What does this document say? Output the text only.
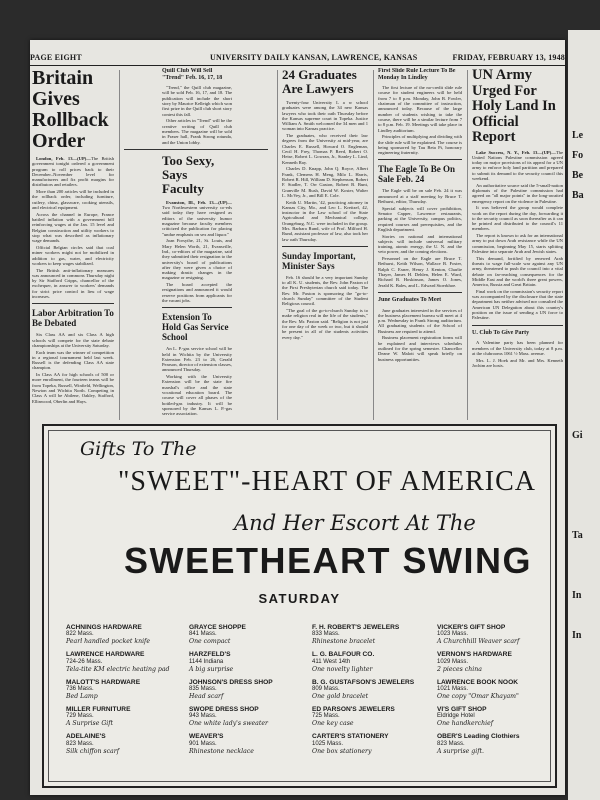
PAGE EIGHT	UNIVERSITY DAILY KANSAN, LAWRENCE, KANSAS	FRIDAY, FEBRUARY 13, 1948

Britain Gives Rollback Order

London, Feb. 13—(UP)—The British government tonight ordered a government program to roll prices back to their December–November level for manufacturers and fix profit margins for distributors and retailers.

More than 200 articles will be included in the rollback order, including furniture, cutlery, china, glassware, cooking utensils, and electrical equipment.

Across the channel in Europe, France battled inflation with a government bill reinforcing wages at the Jan. 15 level and Belgian construction and utility workers to stop what was described as inflationary wage demands.

Official Belgian circles said that coal miner workers might not be mobilized in addition to gas, water, and electricity workers to keep wages stabilized.

The British anti-inflationary measures was announced in commons Thursday night by Sir Stafford Cripps, chancellor of the exchequer, in answer to workers' demands for strict price control in lieu of wage increases.

Labor Arbitration To Be Debated

Six Class AA and six Class A high schools will compete for the state debate championships at the University Saturday.

Each team was the winner of competition in a regional tournament held last week. Russell is the defending Class AA state champion.

In Class AA for high schools of 500 or more enrollment, the fourteen teams will be from Topeka, Russell, Winfield, Wellington, Newton and Wichita North. Competing in Class A will be Abilene, Oakley, Stafford, Ellinwood, Oberlin and Hays.

Quill Club Will Sell "Trend" Feb. 16, 17, 18

"Trend," the Quill club magazine, will be sold Feb. 16, 17, and 18. The publication will include the short story by Maurice Kelleigh which won first prize in the Quill club short story contest this fall.

Other articles in "Trend" will be the creative writing of Quill club members. The magazine will be sold in Fraser hall, Frank Strong rotunda, and the Union lobby.

Too Sexy, Says Faculty

Evanston, Ill., Feb. 13—(UP)—Two Northwestern university co-eds said today they have resigned as editors of the university humor magazine because faculty members criticized the publication for placing "undue emphasis on sex and liquor."

Joan Forsythe, 21, St. Louis, and Mary Helen Worth, 21, Evansville, Ind., co-editors of the magazine, said they submitted their resignation to the university's board of publications after they were given a choice of making drastic changes in the magazine or resigning.

The board accepted the resignations and announced it would reserve positions from applicants for the vacant jobs.

Extension To Hold Gas Service School

An L. P.-gas service school will be held in Wichita by the University Extension Feb. 23 to 26, Gerald Pearson, director of extension classes, announced Thursday.

Working with the University Extension will be the state fire marshal's office and the state vocational education board. The course will cover all phases of the bottled-gas industry. It will be sponsored by the Kansas L. P.-gas service association.

24 Graduates Are Lawyers

Twenty-four University L a w school graduates were among the 34 new Kansas lawyers who took their oath Thursday before the Kansas supreme court in Topeka. Justice William A. Smith welcomed the 34 men and 1 woman into Kansas practice.

The graduates, who received their law degrees from the University at mid-year, are Charles E. Russell, Howard O. Engleman, Cecil H. Frey, Thomas P. Reed, Robert O. Heise, Robert L. Gowran, Jr., Stanley L. Lind, Kenneth Ray.

Charles D. Knapp, John Q. Royce, Albert Frank, Clemens H. Meng, Milo L. Harris, Robert R. Hill, William D. Stephenson, Robert F. Stadler, T. Orr Gaston, Robert B. Bunt, Granville M. Rush, David W. Koster, Walter L. McVey, Jr., and Bill E. Cole.

Keith U. Martin, '42, practicing attorney in Kansas City, Mo., and Leo L. Kreitzel, 42, instructor in the Law school of the State Agricultural and Mechanical college, Orangeburg, N.C. were included in the group. Mrs. Barbara Rund, wife of Prof. Milford H. Rund, assistant professor of law, also took her law oath Thursday.

Sunday Important, Minister Says

Feb. 16 should be a very important Sunday to all K. U. students, the Rev. John Paxton of the First Presbyterian church said today. The Rev. Mr. Paxton is sponsoring the "go-to-church Sunday" committee of the Student Religious council.

"The goal of the go-to-church Sunday is to make religion real in the life of the students," the Rev. Mr. Paxton said. "Religion is not just for one day of the week or two, but it should be present in all of the students activities every day."

First Slide Rule Lecture To Be Monday In Lindley

The first lecture of the no-credit slide rule course for student engineers will be held from 7 to 8 p.m. Monday, John B. Fowler, chairman of the committee of instruction, announced today. Because of the large number of students wishing to take the course, there will be a similar lecture from 7 to 8 p.m. Feb. 19. Meetings will take place in Lindley auditorium.

Principles of multiplying and dividing with the slide rule will be explained. The course is being sponsored by Tau Beta Pi, honorary engineering fraternity.

The Eagle To Be On Sale Feb. 24

The Eagle will be on sale Feb. 24 it was announced at a staff meeting by Bruce T. Bethurst, editor, Thursday.

Special subjects will cover prohibition, Senator Capper, Lawrence restaurants, parking at the University, campus politics, required courses and prerequisites, and the English department.

Stories on national and international subjects will include universal military training, atomic energy, the U. N. and the veto power, and the coming elections.

Personnel on the Eagle are Bruce T. Bethurst, Keith Wilson, Wallace B. Foster, Ralph C. Exner, Henry J. Kenton, Charlie Thayer, James H. Dehlen, Helen E. Ward, Richard B. Hoskinson, James O. Jones, Jerald K. Bales, and L. Edward Stoerkhoe.

June Graduates To Meet

June graduates interested in the services of the business placement bureau will meet at 4 p.m. Wednesday in Frank Strong auditorium. All graduating students of the School of Business are required to attend.

Business placement registration forms will be explained and interviews schedules outlined for the spring semester. Chancellor Deane W. Malott will speak briefly on business opportunities.

UN Army Urged For Holy Land In Official Report

Lake Success, N. Y., Feb. 13—(UP)—The United Nations Palestine commission agreed today on major provisions of its appeal for a UN army to enforce holy land partition and prepared to submit its demand to the security council this weekend.

An authoritative source said the 5-small-nation diplomats of the Palestine commission had agreed on "all major points" in the long-awaited emergency report on the violence in Palestine.

It was believed the group would complete work on the report during the day, forwarding it to the security council as soon thereafter as it can be printed and distributed to the council's 11 members.

The report is known to ask for an international army to put down Arab resistance while the UN commission, beginning May 15, starts splitting Palestine into separate Arab and Jewish states.

This demand, fortified by renewed Arab threats to wage full-scale war against any UN army, threatened to push the council into a vital debate on far-reaching consequences for the Middle East and the world's three great powers, America, Russia and Great Britain.

Final work on the commission's security report was accompanied by the disclosure that the state department has neither advised nor consulted the American UN Delegation about this country's position on the issue of sending a UN force to Palestine.

U. Club To Give Party

A Valentine party has been planned for members of the University club, today at 8 p.m. at the clubrooms 1061 ½ Mass. avenue.

Mrs. L. J. Hoek and Mr. and Mrs. Kenneth Jochim are hosts.

Gifts To The
"SWEET"-HEART OF AMERICA
And Her Escort At The
SWEETHEART SWING
SATURDAY
ACHNINGS HARDWARE
822 Mass.
Pearl handled pocket knife
LAWRENCE HARDWARE
724-26 Mass.
Tela-tite KM electric heating pad
MALOTT'S HARDWARE
736 Mass.
Bed Lamp
MILLER FURNITURE
729 Mass.
A Surprise Gift
ADELAINE'S
823 Mass.
Silk chiffon scarf
GRAYCE SHOPPE
841 Mass.
One compact
HARZFELD'S
1144 Indiana
A big surprise
JOHNSON'S DRESS SHOP
835 Mass.
Head scarf
SWOPE DRESS SHOP
943 Mass.
One white lady's sweater
WEAVER'S
901 Mass.
Rhinestone necklace
F. H. ROBERT'S JEWELERS
833 Mass.
Rhinestone bracelet
L. G. BALFOUR CO.
411 West 14th
One novelty lighter
B. G. GUSTAFSON'S JEWELERS
809 Mass.
One gold bracelet
ED PARSON'S JEWELERS
725 Mass.
One key case
CARTER'S STATIONERY
1025 Mass.
One box stationery
VICKER'S GIFT SHOP
1023 Mass.
A Churchhill Weaver scarf
VERNON'S HARDWARE
1029 Mass.
2 pieces china
LAWRENCE BOOK NOOK
1021 Mass.
One copy "Omar Khayam"
VI'S GIFT SHOP
Eldridge Hotel
One handkerchief
OBER'S Leading Clothiers
823 Mass.
A surprise gift.
Le
Fo
Be
Ba
Gi
Ta
In
In
